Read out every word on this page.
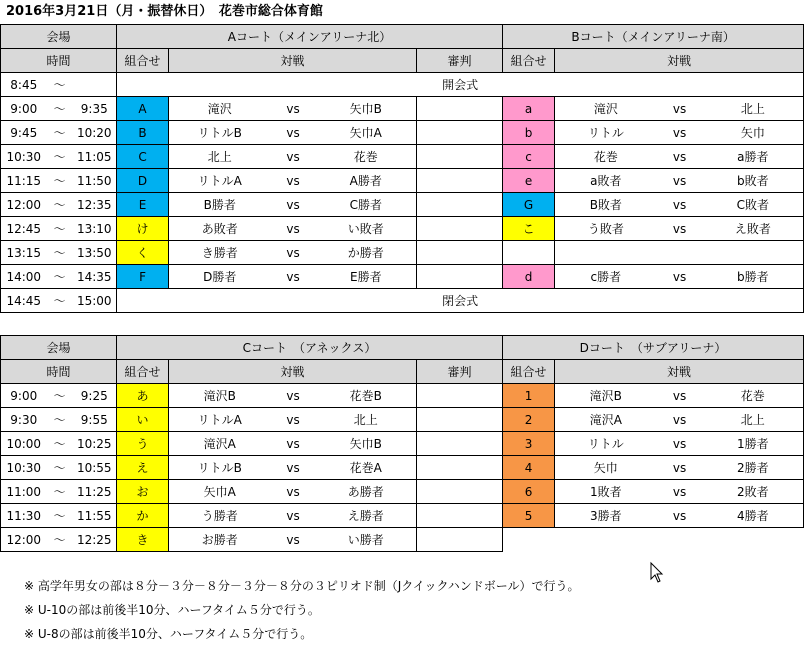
2016年3月21日（月・振替休日）　花巻市総合体育館
会場			Aコート（メインアリーナ北）					Bコート（メインアリーナ南）			
時間			組合せ	対戦			審判	組合せ	対戦		
8:45	～		開会式								
9:00	～	9:35	A	滝沢	vs	矢巾B		a	滝沢	vs	北上
9:45	～	10:20	B	リトルB	vs	矢巾A		b	リトル	vs	矢巾
10:30	～	11:05	C	北上	vs	花巻		c	花巻	vs	a勝者
11:15	～	11:50	D	リトルA	vs	A勝者		e	a敗者	vs	b敗者
12:00	～	12:35	E	B勝者	vs	C勝者		G	B敗者	vs	C敗者
12:45	～	13:10	け	あ敗者	vs	い敗者		こ	う敗者	vs	え敗者
13:15	～	13:50	く	き勝者	vs	か勝者					
14:00	～	14:35	F	D勝者	vs	E勝者		d	c勝者	vs	b勝者
14:45	～	15:00	閉会式								
会場			Cコート　（アネックス）					Dコート　（サブアリーナ）			
時間			組合せ	対戦			審判	組合せ	対戦		
9:00	～	9:25	あ	滝沢B	vs	花巻B		1	滝沢B	vs	花巻
9:30	～	9:55	い	リトルA	vs	北上		2	滝沢A	vs	北上
10:00	～	10:25	う	滝沢A	vs	矢巾B		3	リトル	vs	1勝者
10:30	～	10:55	え	リトルB	vs	花巻A		4	矢巾	vs	2勝者
11:00	～	11:25	お	矢巾A	vs	あ勝者		6	1敗者	vs	2敗者
11:30	～	11:55	か	う勝者	vs	え勝者		5	3勝者	vs	4勝者
12:00	～	12:25	き	お勝者	vs	い勝者					
※ 高学年男女の部は８分－３分－８分－３分－８分の３ピリオド制（Jクイックハンドボール）で行う。
※ U-10の部は前後半10分、ハーフタイム５分で行う。
※ U-8の部は前後半10分、ハーフタイム５分で行う。
